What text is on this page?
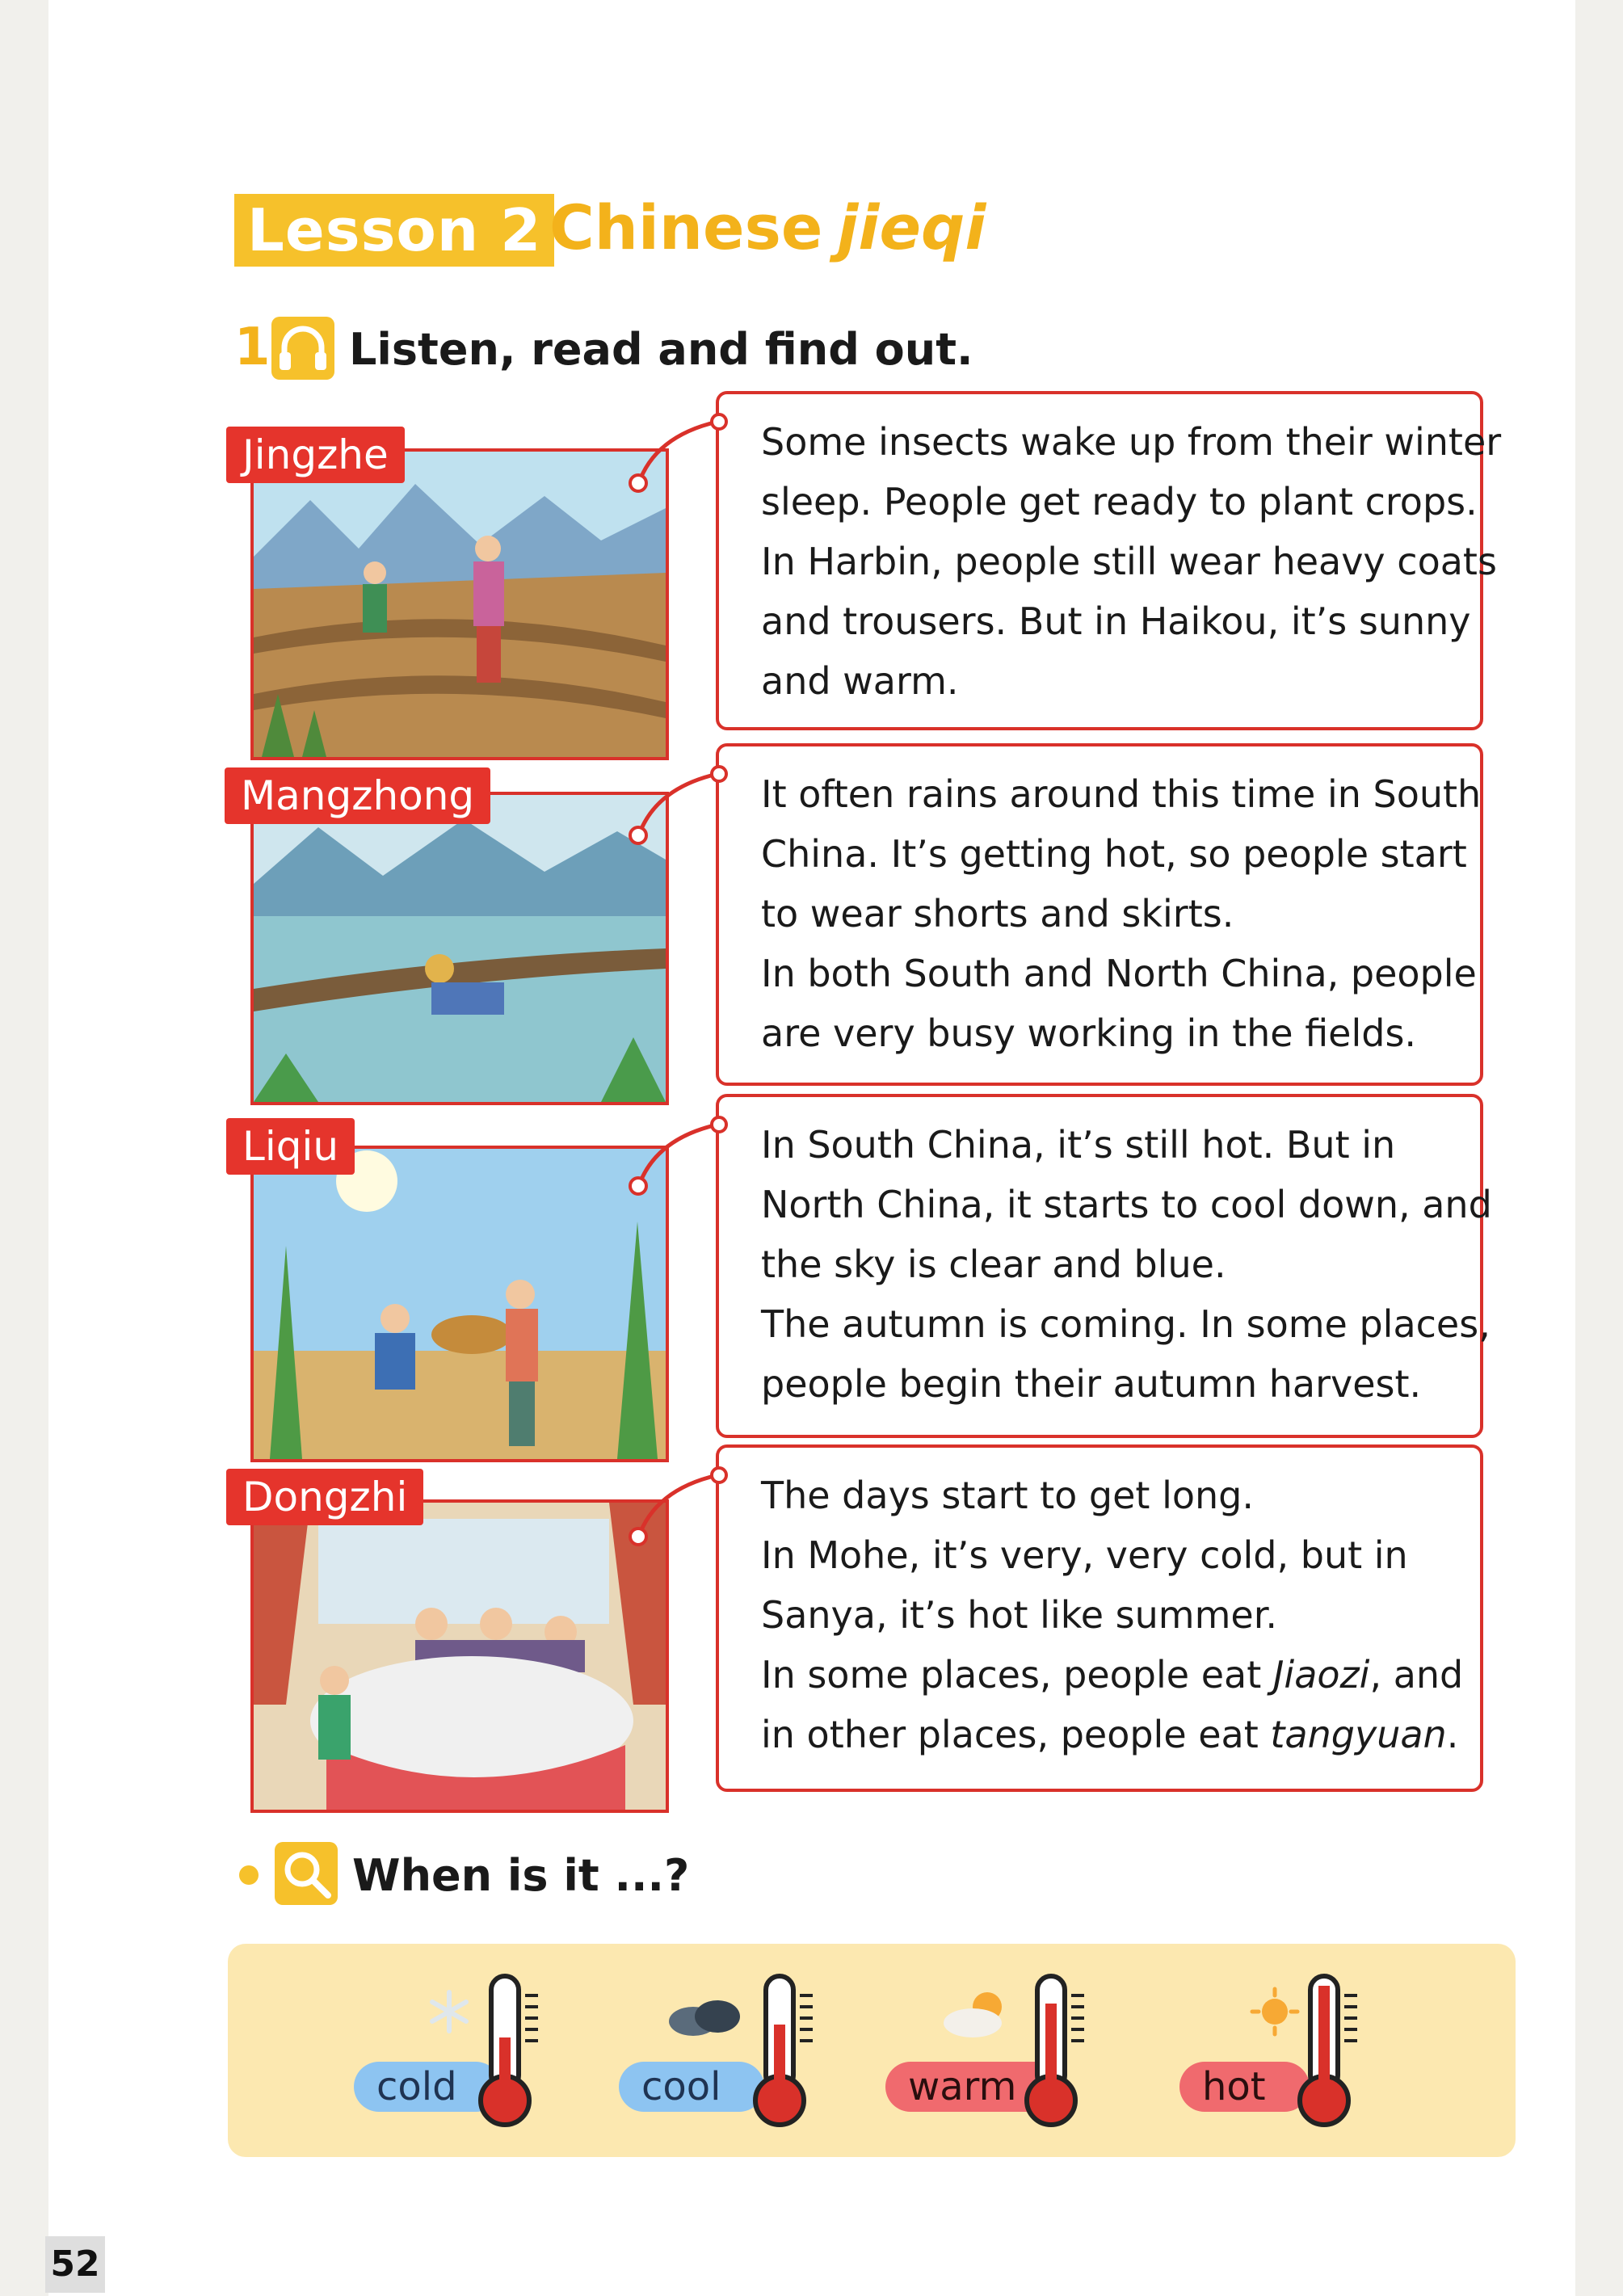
Lesson 2 Chinese jieqi
1 Listen, read and find out.
Jingzhe	Some insects wake up from their winter

sleep. People get ready to plant crops.

In Harbin, people still wear heavy coats

and trousers. But in Haikou, it’s sunny

and warm.

Mangzhong	It often rains around this time in South

China. It’s getting hot, so people start

to wear shorts and skirts.

In both South and North China, people

are very busy working in the fields.

Liqiu	In South China, it’s still hot. But in

North China, it starts to cool down, and

the sky is clear and blue.

The autumn is coming. In some places,

people begin their autumn harvest.

Dongzhi	The days start to get long.

In Mohe, it’s very, very cold, but in

Sanya, it’s hot like summer.

In some places, people eat Jiaozi, and

in other places, people eat tangyuan.

When is it ...?
cold	cool	warm	hot
52
